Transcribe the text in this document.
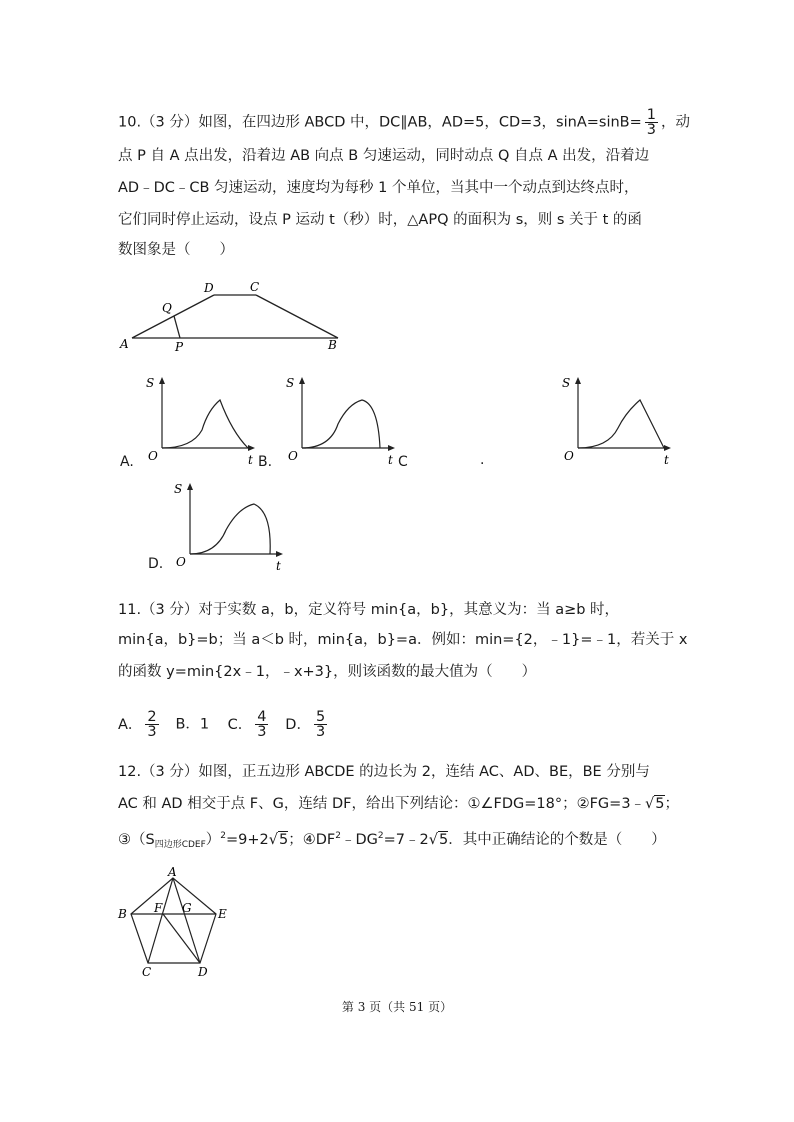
10.（3 分）如图，在四边形 ABCD 中，DC∥AB，AD=5，CD=3，$\sin A=\sin B= \frac{1}{3}$ ，动
点 P 自 A 点出发，沿着边 AB 向点 B 匀速运动，同时动点 Q 自点 A 出发，沿着边
AD﹣DC﹣CB 匀速运动，速度均为每秒 1 个单位，当其中一个动点到达终点时，
它们同时停止运动，设点 P 运动 t（秒）时，△APQ 的面积为 s，则 s 关于 t 的函
数图象是（　　）
A	P	B
D	C
Q
S
O	t
A.
S
O	t
B.	C	.
S
O	t
S
O	t
D.
11.（3 分）对于实数 a，b，定义符号 min{a，b}，其意义为：当 a≥b 时，
min{a，b}=b；当 a＜b 时，min{a，b}=a．例如：min={2，﹣1}=﹣1，若关于 x
的函数 y=min{2x﹣1，﹣x+3}，则该函数的最大值为（　　）
A． $\frac{2}{3}$ B．1 C． $\frac{4}{3}$ D． $\frac{5}{3}$
12.（3 分）如图，正五边形 ABCDE 的边长为 2，连结 AC、AD、BE，BE 分别与
AC 和 AD 相交于点 F、G，连结 DF，给出下列结论：①∠FDG=18°；②FG=3﹣√5；
$③(S_{四边形CDEF})^2=9+2√5$；$④DF^2﹣DG^2=7﹣2√5$．其中正确结论的个数是（　　）
A
B	E
C	D
F G
第 3 页（共 51 页）
